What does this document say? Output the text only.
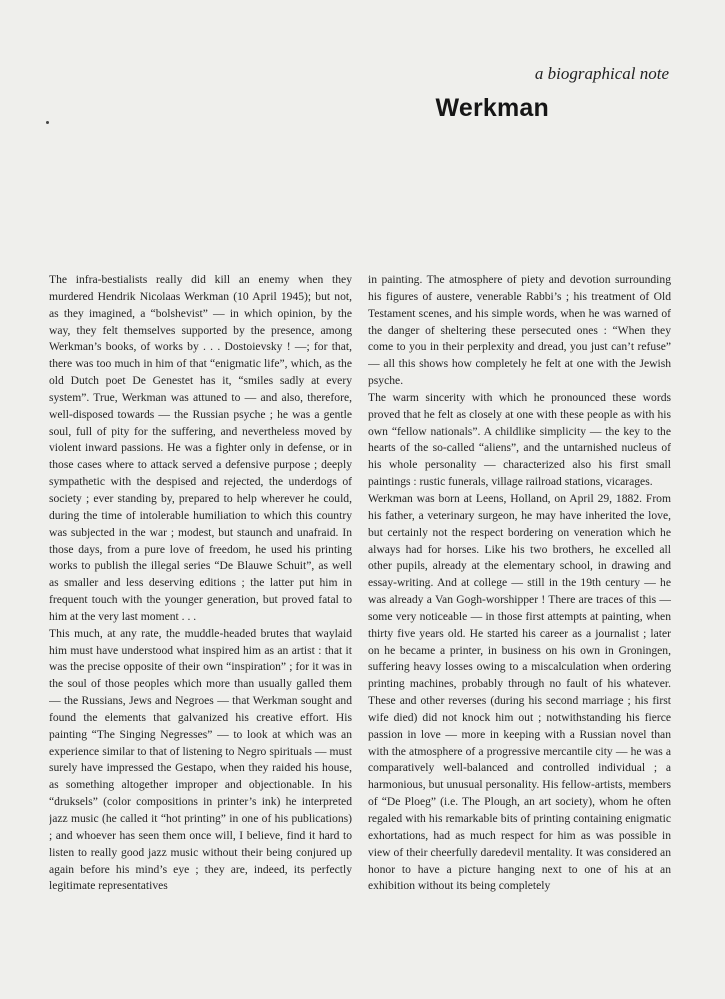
a biographical note
Werkman

The infra-bestialists really did kill an enemy when they murdered Hendrik Nicolaas Werkman (10 April 1945); but not, as they imagined, a “bolshevist” — in which opinion, by the way, they felt themselves supported by the presence, among Werkman’s books, of works by . . . Dostoievsky ! —; for that, there was too much in him of that “enigmatic life”, which, as the old Dutch poet De Genestet has it, “smiles sadly at every system”. True, Werkman was attuned to — and also, therefore, well-disposed towards — the Russian psyche ; he was a gentle soul, full of pity for the suffering, and nevertheless moved by violent inward passions. He was a fighter only in defense, or in those cases where to attack served a defensive purpose ; deeply sympathetic with the despised and rejected, the underdogs of society ; ever standing by, prepared to help wherever he could, during the time of intolerable humiliation to which this country was subjected in the war ; modest, but staunch and unafraid. In those days, from a pure love of freedom, he used his printing works to publish the illegal series “De Blauwe Schuit”, as well as smaller and less deserving editions ; the latter put him in frequent touch with the younger generation, but proved fatal to him at the very last moment . . .

This much, at any rate, the muddle-headed brutes that waylaid him must have understood what inspired him as an artist : that it was the precise opposite of their own “inspiration” ; for it was in the soul of those peoples which more than usually galled them — the Russians, Jews and Negroes — that Werkman sought and found the elements that galvanized his creative effort. His painting “The Singing Negresses” — to look at which was an experience similar to that of listening to Negro spirituals — must surely have impressed the Gestapo, when they raided his house, as something altogether improper and objectionable. In his “druksels” (color compositions in printer’s ink) he interpreted jazz music (he called it “hot printing” in one of his publications) ; and whoever has seen them once will, I believe, find it hard to listen to really good jazz music without their being conjured up again before his mind’s eye ; they are, indeed, its perfectly legitimate representatives

in painting. The atmosphere of piety and devotion surrounding his figures of austere, venerable Rabbi’s ; his treatment of Old Testament scenes, and his simple words, when he was warned of the danger of sheltering these persecuted ones : “When they come to you in their perplexity and dread, you just can’t refuse” — all this shows how completely he felt at one with the Jewish psyche.

The warm sincerity with which he pronounced these words proved that he felt as closely at one with these people as with his own “fellow nationals”. A childlike simplicity — the key to the hearts of the so-called “aliens”, and the untarnished nucleus of his whole personality — characterized also his first small paintings : rustic funerals, village railroad stations, vicarages.

Werkman was born at Leens, Holland, on April 29, 1882. From his father, a veterinary surgeon, he may have inherited the love, but certainly not the respect bordering on veneration which he always had for horses. Like his two brothers, he excelled all other pupils, already at the elementary school, in drawing and essay-writing. And at college — still in the 19th century — he was already a Van Gogh-worshipper ! There are traces of this — some very noticeable — in those first attempts at painting, when thirty five years old. He started his career as a journalist ; later on he became a printer, in business on his own in Groningen, suffering heavy losses owing to a miscalculation when ordering printing machines, probably through no fault of his whatever. These and other reverses (during his second marriage ; his first wife died) did not knock him out ; notwithstanding his fierce passion in love — more in keeping with a Russian novel than with the atmosphere of a progressive mercantile city — he was a comparatively well-balanced and controlled individual ; a harmonious, but unusual personality. His fellow-artists, members of “De Ploeg” (i.e. The Plough, an art society), whom he often regaled with his remarkable bits of printing containing enigmatic exhortations, had as much respect for him as was possible in view of their cheerfully daredevil mentality. It was considered an honor to have a picture hanging next to one of his at an exhibition without its being completely
